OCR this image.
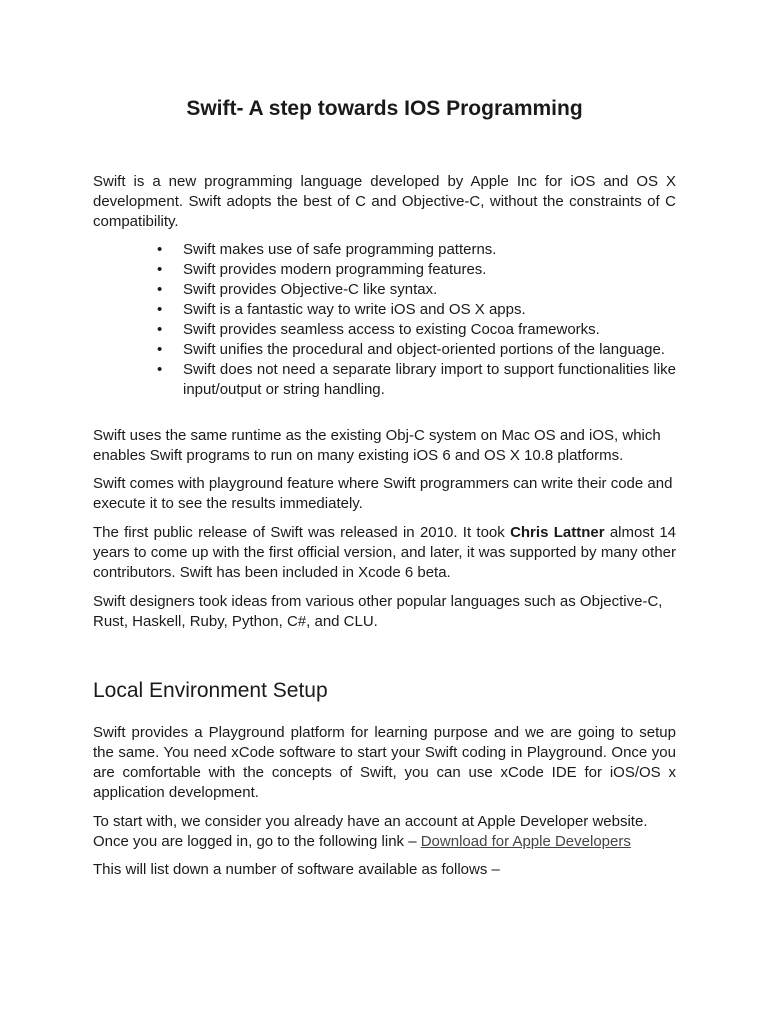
Swift- A step towards IOS Programming

Swift is a new programming language developed by Apple Inc for iOS and OS X development. Swift adopts the best of C and Objective-C, without the constraints of C compatibility.

• Swift makes use of safe programming patterns.
• Swift provides modern programming features.
• Swift provides Objective-C like syntax.
• Swift is a fantastic way to write iOS and OS X apps.
• Swift provides seamless access to existing Cocoa frameworks.
• Swift unifies the procedural and object-oriented portions of the language.
• Swift does not need a separate library import to support functionalities like input/output or string handling.

Swift uses the same runtime as the existing Obj-C system on Mac OS and iOS, which enables Swift programs to run on many existing iOS 6 and OS X 10.8 platforms.

Swift comes with playground feature where Swift programmers can write their code and execute it to see the results immediately.

The first public release of Swift was released in 2010. It took Chris Lattner almost 14 years to come up with the first official version, and later, it was supported by many other contributors. Swift has been included in Xcode 6 beta.

Swift designers took ideas from various other popular languages such as Objective-C, Rust, Haskell, Ruby, Python, C#, and CLU.

Local Environment Setup

Swift provides a Playground platform for learning purpose and we are going to setup the same. You need xCode software to start your Swift coding in Playground. Once you are comfortable with the concepts of Swift, you can use xCode IDE for iOS/OS x application development.

To start with, we consider you already have an account at Apple Developer website.
Once you are logged in, go to the following link – Download for Apple Developers

This will list down a number of software available as follows –
